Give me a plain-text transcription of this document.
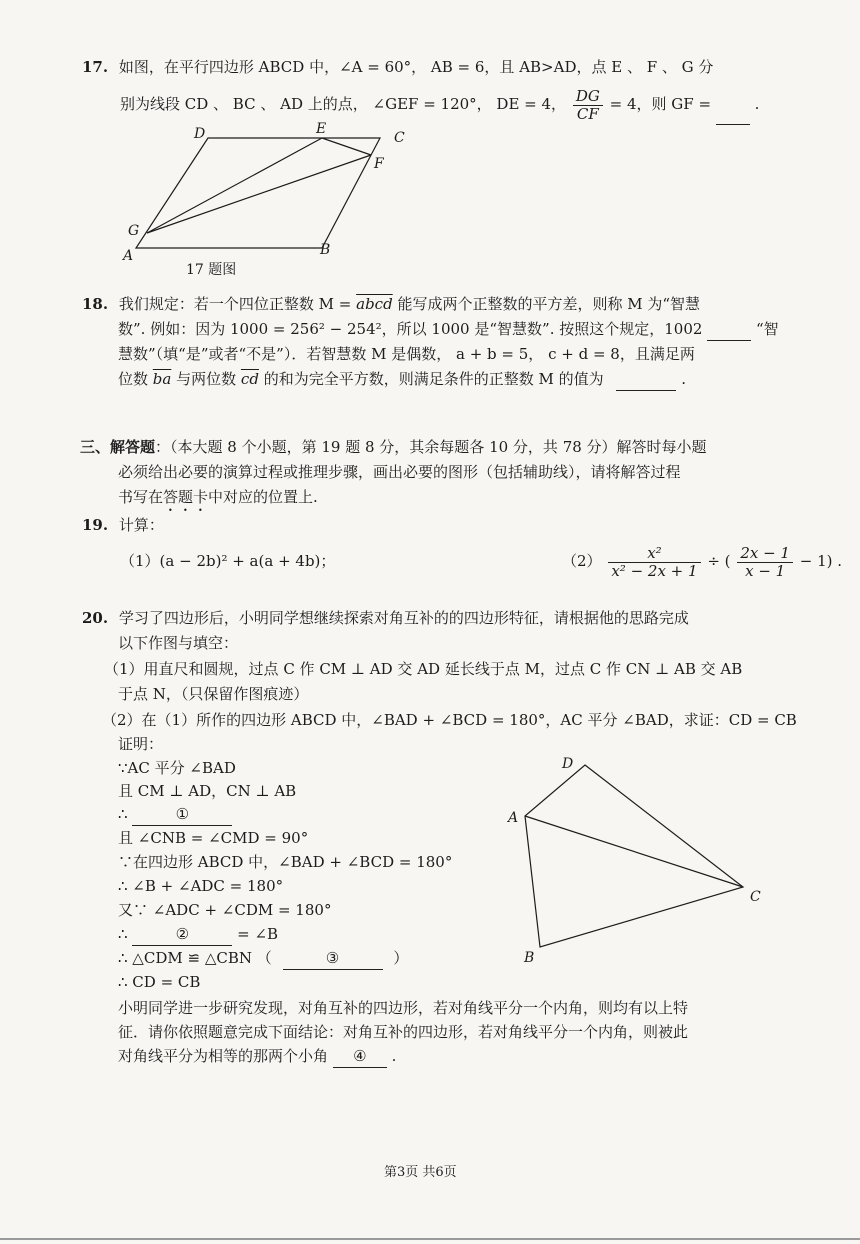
17. 如图，在平行四边形 ABCD 中，∠A = 60°， AB = 6，且 AB>AD，点 E 、 F 、 G 分
别为线段 CD 、 BC 、 AD 上的点， ∠GEF = 120°， DE = 4， $\frac{DG}{CF} = 4$，则 GF =	.
D	E
C
F
G
A	B
17 题图
18. 我们规定：若一个四位正整数 M = abcd 能写成两个正整数的平方差，则称 M 为“智慧
数”. 例如：因为 1000 = 256² − 254²，所以 1000 是“智慧数”. 按照这个规定，1002	“智
慧数”（填“是”或者“不是”）．若智慧数 M 是偶数， a + b = 5， c + d = 8，且满足两
位数 $\overline{ba}$ 与两位数 $\overline{cd}$ 的和为完全平方数，则满足条件的正整数 M 的值为	.
三、解答题：（本大题 8 个小题，第 19 题 8 分，其余每题各 10 分，共 78 分）解答时每小题
必须给出必要的演算过程或推理步骤，画出必要的图形（包括辅助线），请将解答过程
书写在答题卡中对应的位置上.
19. 计算：
（1）(a − 2b)² + a(a + 4b)；	$(2) \frac{\text{x²}}{\text{x² − 2x + 1}}$ ÷ ( $\frac{2x - 1}{x - 1} - 1$) .
20. 学习了四边形后，小明同学想继续探索对角互补的的四边形特征，请根据他的思路完成
以下作图与填空：
（1）用直尺和圆规，过点 C 作 CM ⊥ AD 交 AD 延长线于点 M，过点 C 作 CN ⊥ AB 交 AB
于点 N，（只保留作图痕迹）
（2）在（1）所作的四边形 ABCD 中，∠BAD + ∠BCD = 180°，AC 平分 ∠BAD，求证：CD = CB
证明：
∵AC 平分 ∠BAD
且 CM ⊥ AD，CN ⊥ AB
∴	①
且 ∠CNB = ∠CMD = 90°
∵在四边形 ABCD 中，∠BAD + ∠BCD = 180°
∴ ∠B + ∠ADC = 180°
又∵ ∠ADC + ∠CDM = 180°
∴	②	= ∠B
∴ △CDM ≌ △CBN （	③	）
∴ CD = CB
小明同学进一步研究发现，对角互补的四边形，若对角线平分一个内角，则均有以上特
征．请你依照题意完成下面结论：对角互补的四边形，若对角线平分一个内角，则被此
对角线平分为相等的那两个小角 ④ .
D
A
C
B
第3页 共6页
